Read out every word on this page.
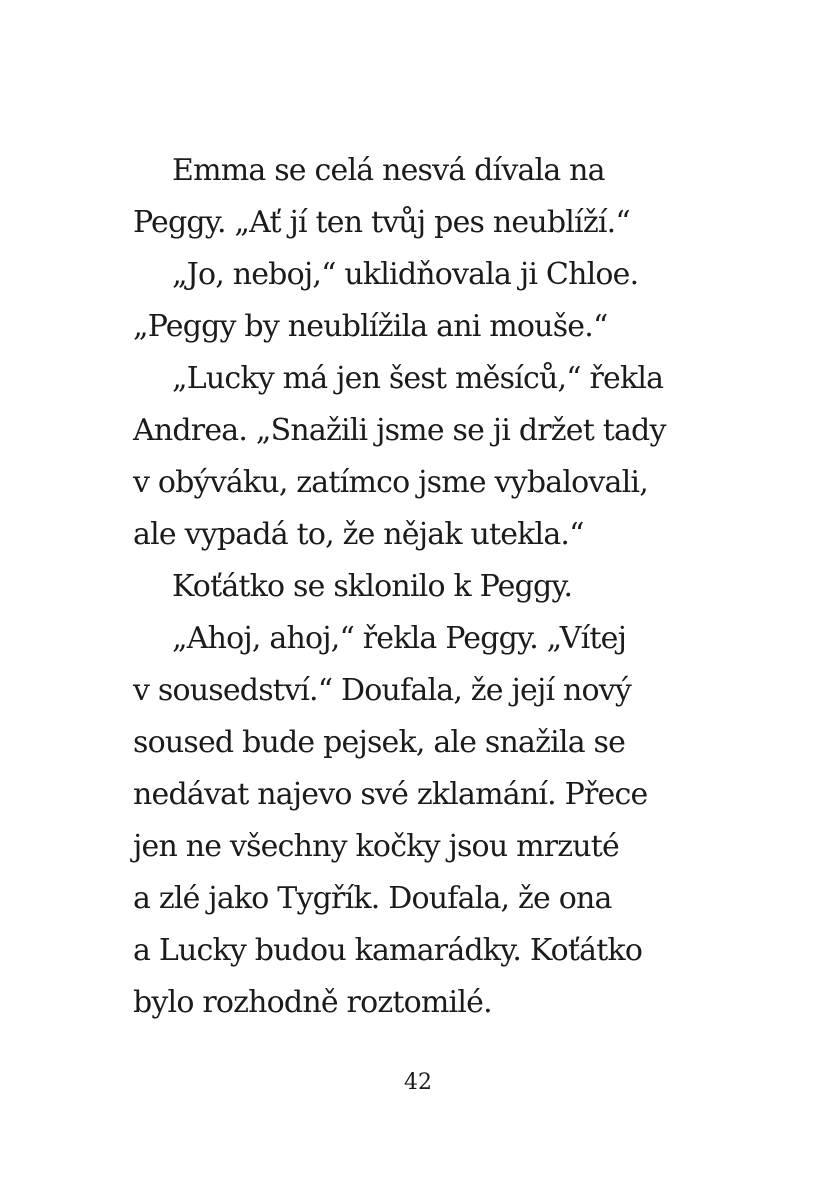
Emma se celá nesvá dívala na

Peggy. „Ať jí ten tvůj pes neublíží.“

„Jo, neboj,“ uklidňovala ji Chloe.

„Peggy by neublížila ani mouše.“

„Lucky má jen šest měsíců,“ řekla

Andrea. „Snažili jsme se ji držet tady

v obýváku, zatímco jsme vybalovali,

ale vypadá to, že nějak utekla.“

Koťátko se sklonilo k Peggy.

„Ahoj, ahoj,“ řekla Peggy. „Vítej

v sousedství.“ Doufala, že její nový

soused bude pejsek, ale snažila se

nedávat najevo své zklamání. Přece

jen ne všechny kočky jsou mrzuté

a zlé jako Tygřík. Doufala, že ona

a Lucky budou kamarádky. Koťátko

bylo rozhodně roztomilé.

42
